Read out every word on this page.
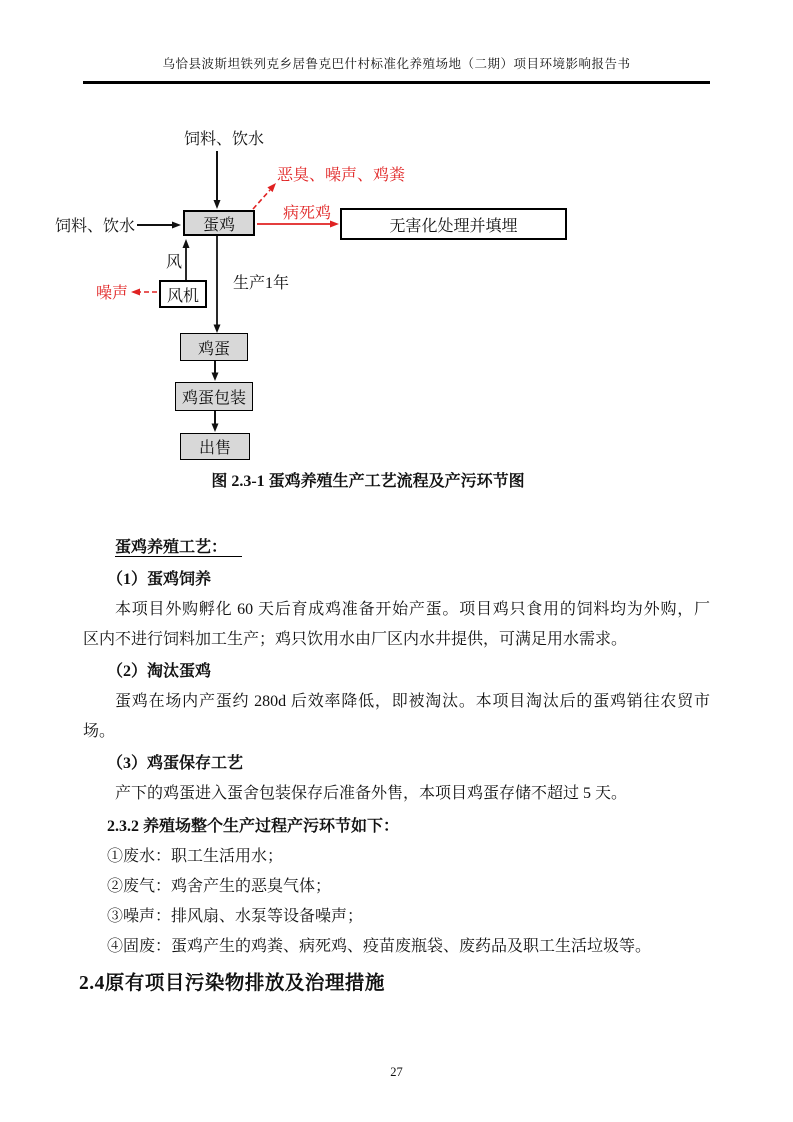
乌恰县波斯坦铁列克乡居鲁克巴什村标准化养殖场地（二期）项目环境影响报告书
饲料、饮水
恶臭、噪声、鸡粪
病死鸡
饲料、饮水
风
生产1年
噪声
蛋鸡	无害化处理并填埋
风机
鸡蛋
鸡蛋包装
出售
图 2.3-1 蛋鸡养殖生产工艺流程及产污环节图
蛋鸡养殖工艺：
（1）蛋鸡饲养
本项目外购孵化 60 天后育成鸡准备开始产蛋。项目鸡只食用的饲料均为外购，厂
区内不进行饲料加工生产；鸡只饮用水由厂区内水井提供，可满足用水需求。
（2）淘汰蛋鸡
蛋鸡在场内产蛋约 280d 后效率降低，即被淘汰。本项目淘汰后的蛋鸡销往农贸市
场。
（3）鸡蛋保存工艺
产下的鸡蛋进入蛋舍包装保存后准备外售，本项目鸡蛋存储不超过 5 天。
2.3.2 养殖场整个生产过程产污环节如下：
①废水：职工生活用水；
②废气：鸡舍产生的恶臭气体；
③噪声：排风扇、水泵等设备噪声；
④固废：蛋鸡产生的鸡粪、病死鸡、疫苗废瓶袋、废药品及职工生活垃圾等。
2.4原有项目污染物排放及治理措施
27
